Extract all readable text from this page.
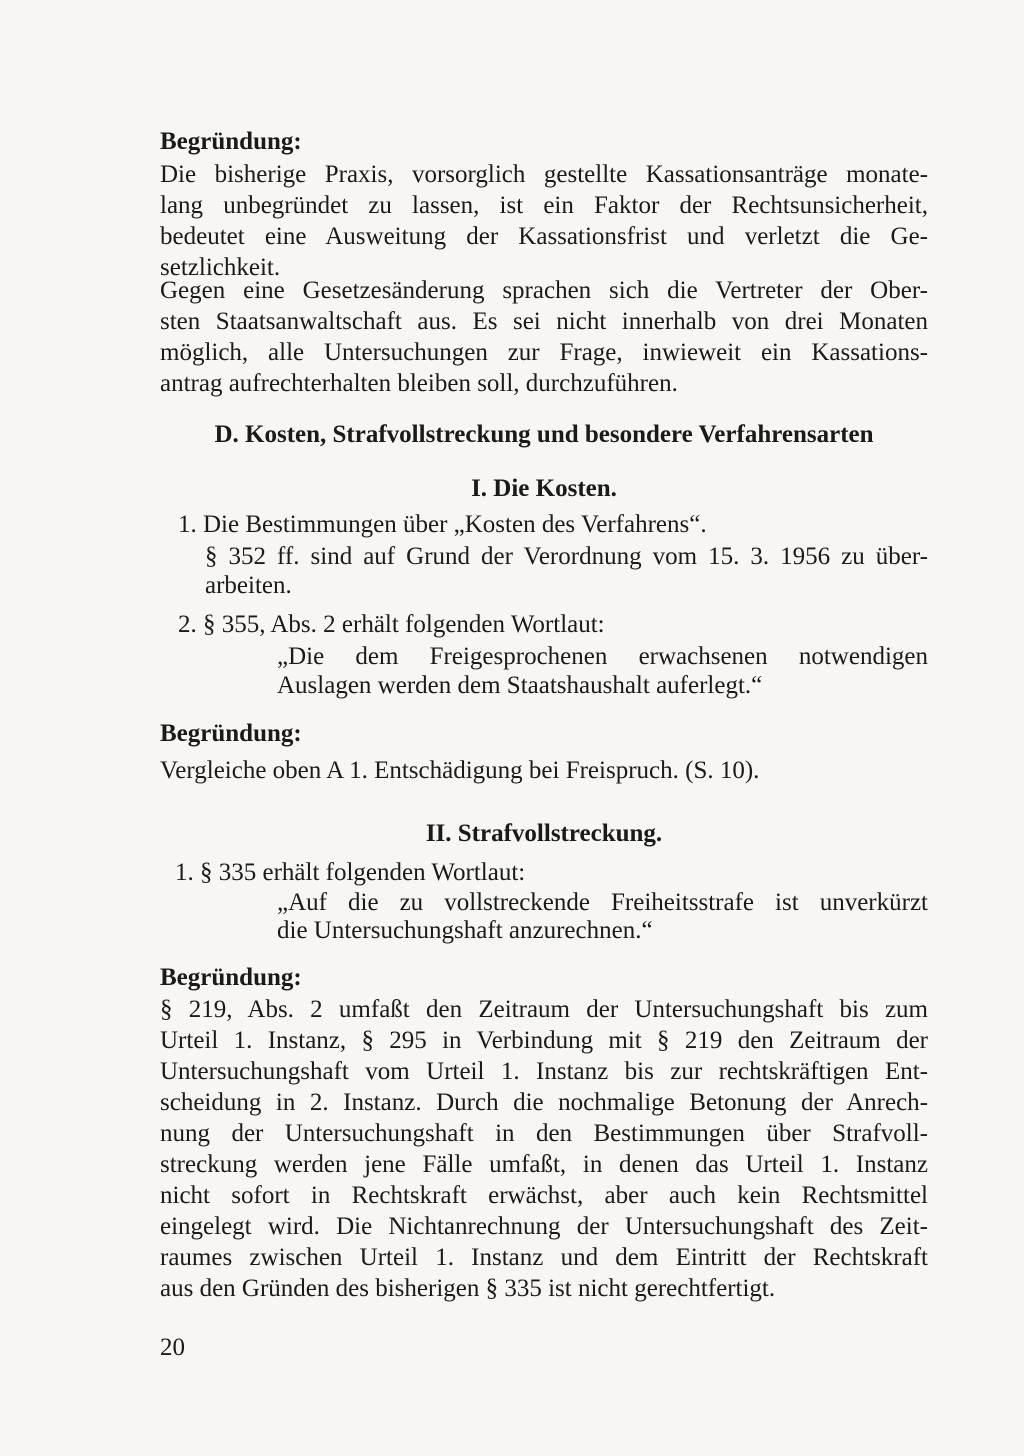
Begründung:
Die bisherige Praxis, vorsorglich gestellte Kassationsanträge monate-
lang unbegründet zu lassen, ist ein Faktor der Rechtsunsicherheit,
bedeutet eine Ausweitung der Kassationsfrist und verletzt die Ge-
setzlichkeit.
Gegen eine Gesetzesänderung sprachen sich die Vertreter der Ober-
sten Staatsanwaltschaft aus. Es sei nicht innerhalb von drei Monaten
möglich, alle Untersuchungen zur Frage, inwieweit ein Kassations-
antrag aufrechterhalten bleiben soll, durchzuführen.
D. Kosten, Strafvollstreckung und besondere Verfahrensarten
I. Die Kosten.
1. Die Bestimmungen über „Kosten des Verfahrens“.
§ 352 ff. sind auf Grund der Verordnung vom 15. 3. 1956 zu über-
arbeiten.
2. § 355, Abs. 2 erhält folgenden Wortlaut:
„Die dem Freigesprochenen erwachsenen notwendigen
Auslagen werden dem Staatshaushalt auferlegt.“
Begründung:
Vergleiche oben A 1. Entschädigung bei Freispruch. (S. 10).
II. Strafvollstreckung.
1. § 335 erhält folgenden Wortlaut:
„Auf die zu vollstreckende Freiheitsstrafe ist unverkürzt
die Untersuchungshaft anzurechnen.“
Begründung:
§ 219, Abs. 2 umfaßt den Zeitraum der Untersuchungshaft bis zum
Urteil 1. Instanz, § 295 in Verbindung mit § 219 den Zeitraum der
Untersuchungshaft vom Urteil 1. Instanz bis zur rechtskräftigen Ent-
scheidung in 2. Instanz. Durch die nochmalige Betonung der Anrech-
nung der Untersuchungshaft in den Bestimmungen über Strafvoll-
streckung werden jene Fälle umfaßt, in denen das Urteil 1. Instanz
nicht sofort in Rechtskraft erwächst, aber auch kein Rechtsmittel
eingelegt wird. Die Nichtanrechnung der Untersuchungshaft des Zeit-
raumes zwischen Urteil 1. Instanz und dem Eintritt der Rechtskraft
aus den Gründen des bisherigen § 335 ist nicht gerechtfertigt.
20
